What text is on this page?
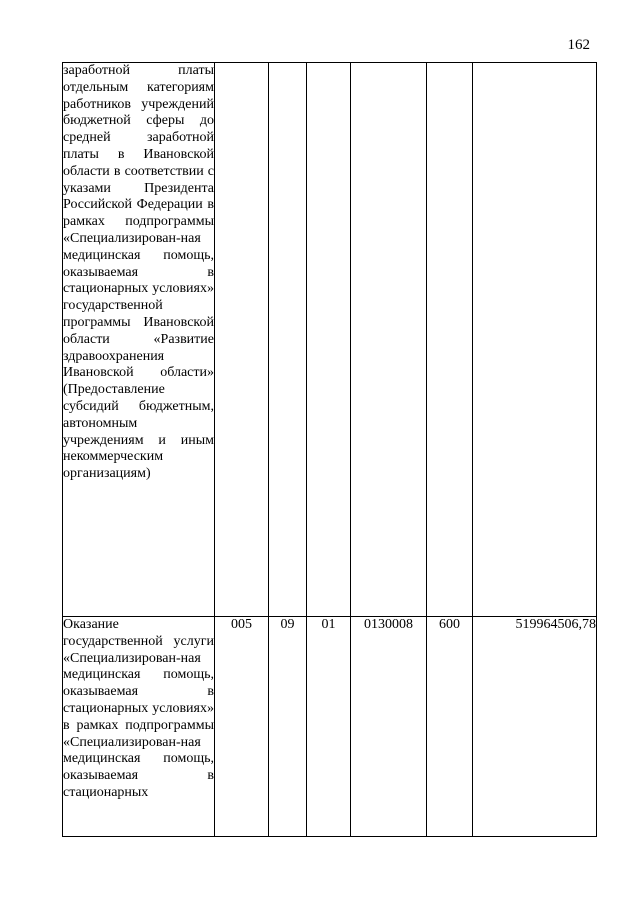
162
заработной платы отдельным категориям работников учреждений бюджетной сферы до средней заработной платы в Ивановской области в соответствии с указами Президента Российской Федерации в рамках подпрограммы «Специализирован-ная медицинская помощь, оказываемая в стационарных условиях» государственной программы Ивановской области «Развитие здравоохранения Ивановской области» (Предоставление субсидий бюджетным, автономным учреждениям и иным некоммерческим организациям)						
Оказание государственной услуги «Специализирован-ная медицинская помощь, оказываемая в стационарных условиях» в рамках подпрограммы «Специализирован-ная медицинская помощь, оказываемая в стационарных	005	09	01	0130008	600	519964506,78
